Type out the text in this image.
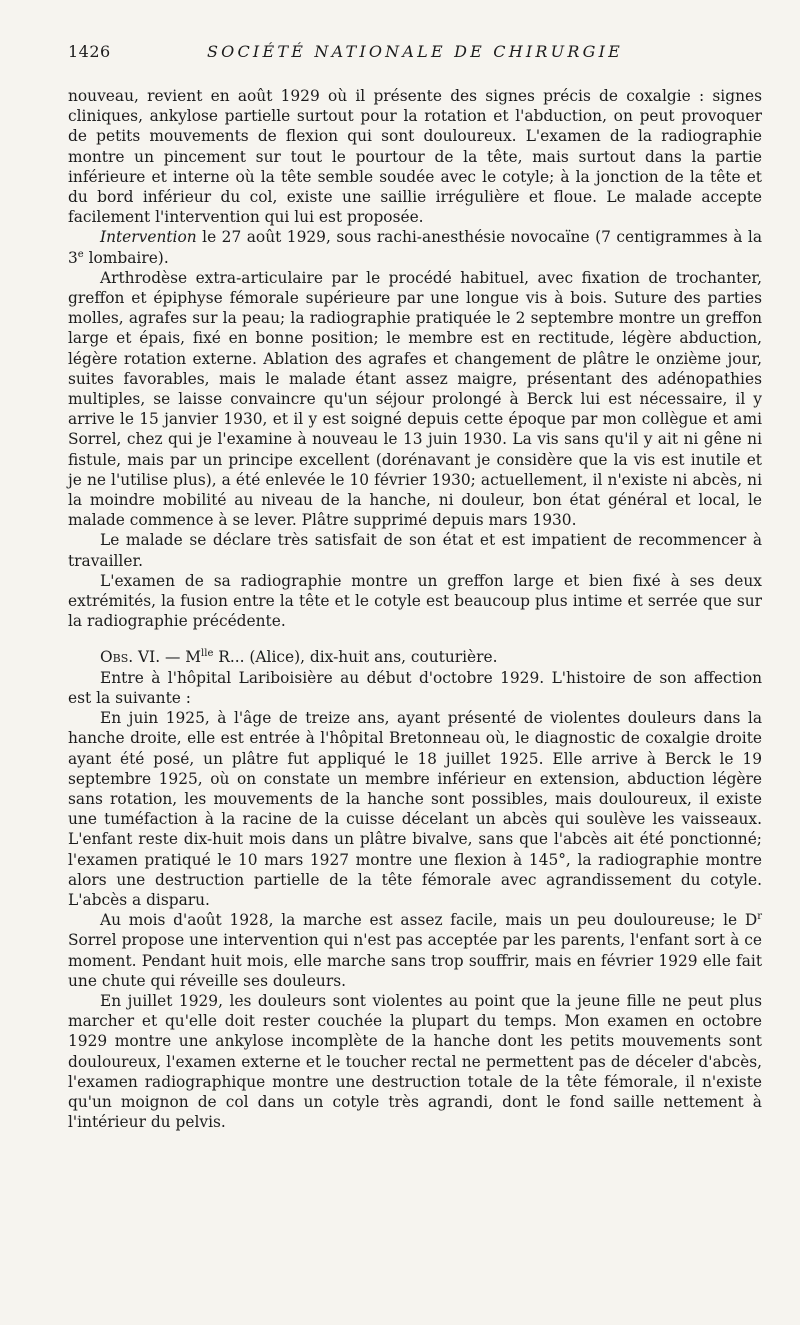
1426	SOCIÉTÉ NATIONALE DE CHIRURGIE

nouveau, revient en août 1929 où il présente des signes précis de coxalgie : signes cliniques, ankylose partielle surtout pour la rotation et l'abduction, on peut provoquer de petits mouvements de flexion qui sont douloureux. L'examen de la radiographie montre un pincement sur tout le pourtour de la tête, mais surtout dans la partie inférieure et interne où la tête semble soudée avec le cotyle; à la jonction de la tête et du bord inférieur du col, existe une saillie irrégulière et floue. Le malade accepte facilement l'intervention qui lui est proposée.

Intervention le 27 août 1929, sous rachi-anesthésie novocaïne (7 centigrammes à la 3e lombaire).

Arthrodèse extra-articulaire par le procédé habituel, avec fixation de trochanter, greffon et épiphyse fémorale supérieure par une longue vis à bois. Suture des parties molles, agrafes sur la peau; la radiographie pratiquée le 2 septembre montre un greffon large et épais, fixé en bonne position; le membre est en rectitude, légère abduction, légère rotation externe. Ablation des agrafes et changement de plâtre le onzième jour, suites favorables, mais le malade étant assez maigre, présentant des adénopathies multiples, se laisse convaincre qu'un séjour prolongé à Berck lui est nécessaire, il y arrive le 15 janvier 1930, et il y est soigné depuis cette époque par mon collègue et ami Sorrel, chez qui je l'examine à nouveau le 13 juin 1930. La vis sans qu'il y ait ni gêne ni fistule, mais par un principe excellent (dorénavant je considère que la vis est inutile et je ne l'utilise plus), a été enlevée le 10 février 1930; actuellement, il n'existe ni abcès, ni la moindre mobilité au niveau de la hanche, ni douleur, bon état général et local, le malade commence à se lever. Plâtre supprimé depuis mars 1930.

Le malade se déclare très satisfait de son état et est impatient de recommencer à travailler.

L'examen de sa radiographie montre un greffon large et bien fixé à ses deux extrémités, la fusion entre la tête et le cotyle est beaucoup plus intime et serrée que sur la radiographie précédente.

Obs. VI. — $M^{lle}$ R... (Alice), dix-huit ans, couturière.

Entre à l'hôpital Lariboisière au début d'octobre 1929. L'histoire de son affection est la suivante :

En juin 1925, à l'âge de treize ans, ayant présenté de violentes douleurs dans la hanche droite, elle est entrée à l'hôpital Bretonneau où, le diagnostic de coxalgie droite ayant été posé, un plâtre fut appliqué le 18 juillet 1925. Elle arrive à Berck le 19 septembre 1925, où on constate un membre inférieur en extension, abduction légère sans rotation, les mouvements de la hanche sont possibles, mais douloureux, il existe une tuméfaction à la racine de la cuisse décelant un abcès qui soulève les vaisseaux. L'enfant reste dix-huit mois dans un plâtre bivalve, sans que l'abcès ait été ponctionné; l'examen pratiqué le 10 mars 1927 montre une flexion à 145°, la radiographie montre alors une destruction partielle de la tête fémorale avec agrandissement du cotyle. L'abcès a disparu.

Au mois d'août 1928, la marche est assez facile, mais un peu douloureuse; le $D^r$ Sorrel propose une intervention qui n'est pas acceptée par les parents, l'enfant sort à ce moment. Pendant huit mois, elle marche sans trop souffrir, mais en février 1929 elle fait une chute qui réveille ses douleurs.

En juillet 1929, les douleurs sont violentes au point que la jeune fille ne peut plus marcher et qu'elle doit rester couchée la plupart du temps. Mon examen en octobre 1929 montre une ankylose incomplète de la hanche dont les petits mouvements sont douloureux, l'examen externe et le toucher rectal ne permettent pas de déceler d'abcès, l'examen radiographique montre une destruction totale de la tête fémorale, il n'existe qu'un moignon de col dans un cotyle très agrandi, dont le fond saille nettement à l'intérieur du pelvis.
